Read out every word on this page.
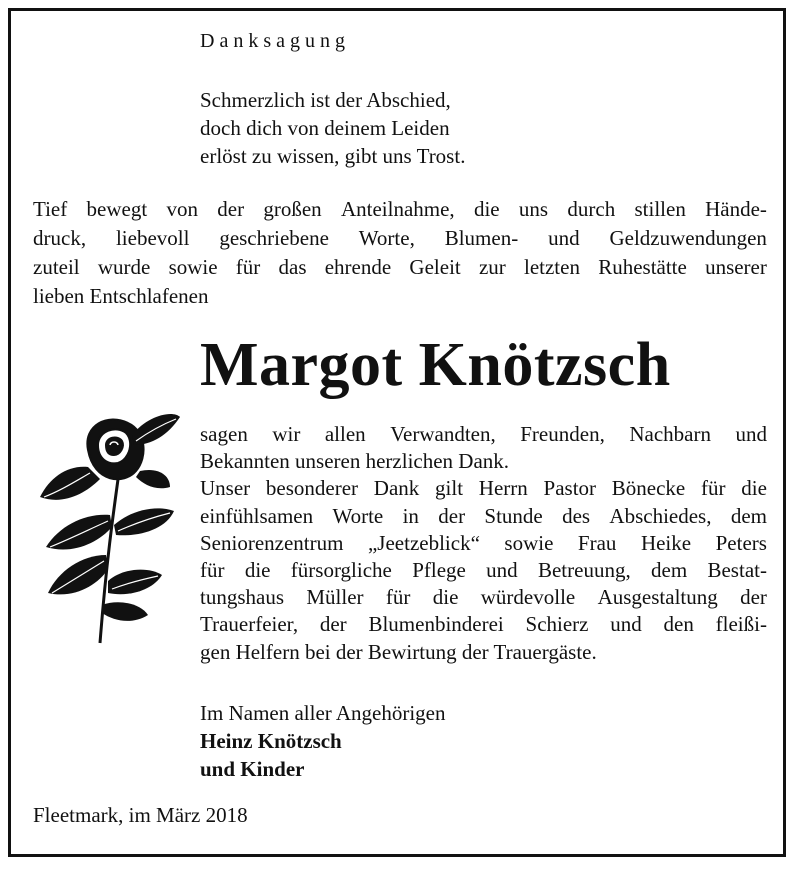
Danksagung
Schmerzlich ist der Abschied,
doch dich von deinem Leiden
erlöst zu wissen, gibt uns Trost.
Tief bewegt von der großen Anteilnahme, die uns durch stillen Hände-
druck, liebevoll geschriebene Worte, Blumen- und Geldzuwendungen
zuteil wurde sowie für das ehrende Geleit zur letzten Ruhestätte unserer
lieben Entschlafenen
Margot Knötzsch
sagen wir allen Verwandten, Freunden, Nachbarn und
Bekannten unseren herzlichen Dank.
Unser besonderer Dank gilt Herrn Pastor Bönecke für die
einfühlsamen Worte in der Stunde des Abschiedes, dem
Seniorenzentrum „Jeetzeblick“ sowie Frau Heike Peters
für die fürsorgliche Pflege und Betreuung, dem Bestat-
tungshaus Müller für die würdevolle Ausgestaltung der
Trauerfeier, der Blumenbinderei Schierz und den fleißi-
gen Helfern bei der Bewirtung der Trauergäste.
Im Namen aller Angehörigen
Heinz Knötzsch
und Kinder
Fleetmark, im März 2018
